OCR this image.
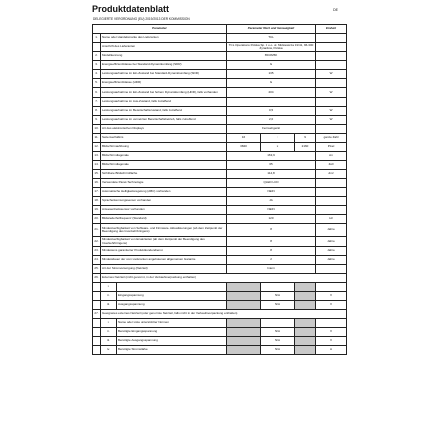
Produktdatenblatt	DE
DELEGIERTE VERORDNUNG (EU) 2019/2013 DER KOMMISSION
Parameter			Parameter Wert und Genauigkeit			Einheit
1.	Name oder Handelsmarke des Lieferanten		TCL			
	Anschrift des Lieferanten		TCL Operations Polska Sp. z o.o. ul. Mickiewicza 31/41, 96-300 Żyrardów, Polska			
2.	Modellkennung		65C825K			
3.	Energieeffizienzklasse bei Standard-Dynamikumfang (SDR)		G			
4.	Leistungsaufnahme im Ein-Zustand bei Standard-Dynamikumfang (SDR)		135			W
5.	Energieeffizienzklasse (HDR)		G			
6.	Leistungsaufnahme im Ein-Zustand bei hohem Dynamikumfang (HDR), falls vorhanden		204			W
7.	Leistungsaufnahme im Aus-Zustand, falls zutreffend					
8.	Leistungsaufnahme im Bereitschaftszustand, falls zutreffend		0,5			W
9.	Leistungsaufnahme im vernetzten Bereitschaftsbetrieb, falls zutreffend		2,0			W
10.	Art des elektronischen Displays		Fernsehgerät			
11.	Seitenverhältnis		16	:	9	ganze Zahl
12.	Bildschirmauflösung		3840	x	2160	Pixel
13.	Bildschirmdiagonale		163,9			cm
14.	Bildschirmdiagonale		65			Zoll
15.	Sichtbare Bildschirmfläche		114,8			dm²
16.	Verwendete Panel-Technologie		QLED LCD			
17.	Automatische Helligkeitsregelung (ABC) vorhanden		NEIN			
18.	Spracherkennungssensor vorhanden		JA			
19.	Anwesenheitssensor vorhanden		NEIN			
20.	Bildwiederholfrequenz (Standard)		120			Hz
21.	Mindestverfügbarkeit von Software- und Firmware- Aktualisierungen (ab dem Zeitpunkt der Beendigung des Inverkehrbringens)		8			Jahre
22.	Mindestverfügbarkeit von Ersatzteilen (ab dem Zeitpunkt der Beendigung des Inverkehrbringens)		8			Jahre
23.	Mindestens garantierter Produktkundendienst		8			Jahre
24.	Mindestdauer der vom Lieferanten angebotenen allgemeinen Garantie		2			Jahre
25.	Art der Stromversorgung (Netzteil)		Intern			
26.	Externes Netzteil (nicht genormt, in der Verkaufsverpackung enthalten)					
	i.					
	ii.	Eingangsspannung		N/A		V
	iii.	Ausgangsspannung		N/A		V
27.	Geeignetes externes Netzteil (oder genormte Netzteil, falls nicht in der Verkaufsverpackung enthalten)					
	i.	Name oder Liste unterstützter Normen				
	ii.	Benötigte Eingangsspannung		N/A		V
	iii.	Benötigte Ausgangsspannung		N/A		V
	iv.	Benötigte Stromstärke		N/A		A
